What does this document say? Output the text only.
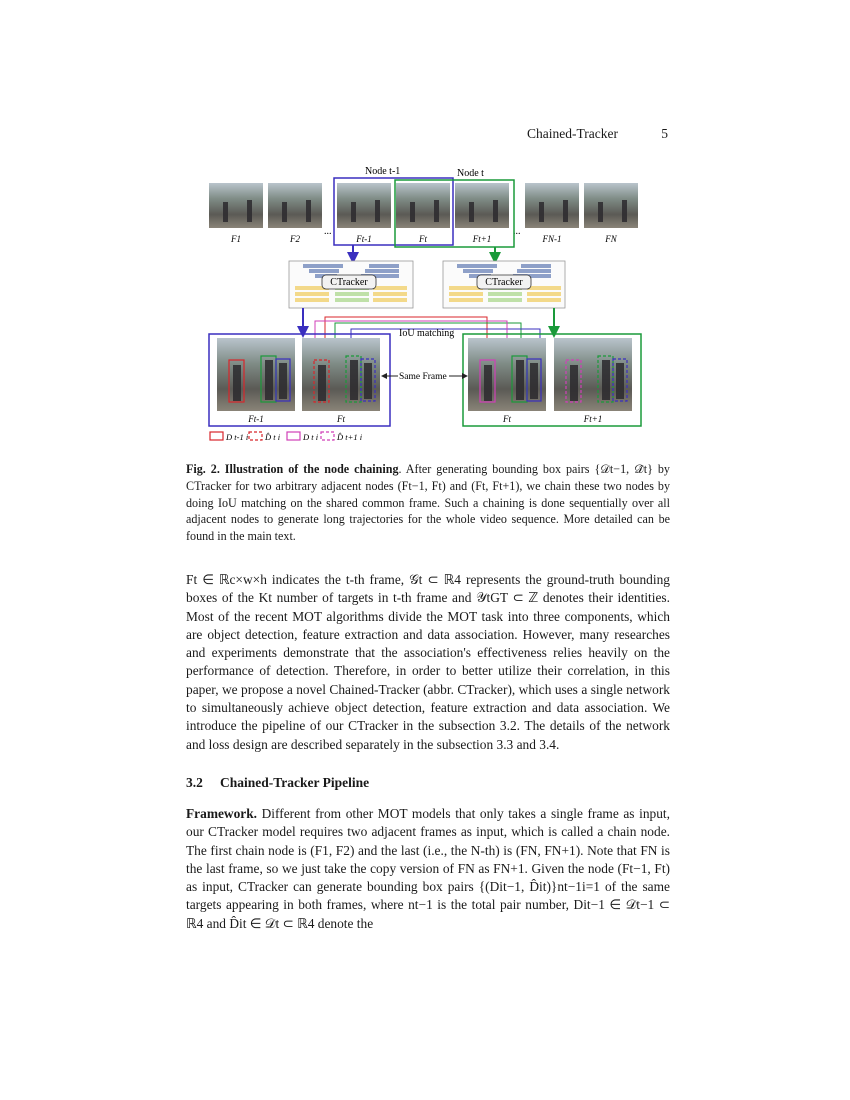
Chained-Tracker	5
Node t-1	Node t
...	...
F1	F2	Ft-1	Ft	Ft+1	FN-1	FN
CTracker	CTracker
IoU matching
Same Frame
Ft-1	Ft	Ft	Ft+1
D t-1 i D̂ t i	D t i D̂ t+1 i
Fig. 2. Illustration of the node chaining. After generating bounding box pairs {𝒟t−1, 𝒟̂t} by CTracker for two arbitrary adjacent nodes (Ft−1, Ft) and (Ft, Ft+1), we chain these two nodes by doing IoU matching on the shared common frame. Such a chaining is done sequentially over all adjacent nodes to generate long trajectories for the whole video sequence. More detailed can be found in the main text.

Ft ∈ ℝc×w×h indicates the t-th frame, 𝒢t ⊂ ℝ4 represents the ground-truth bounding boxes of the Kt number of targets in t-th frame and 𝒴tGT ⊂ ℤ denotes their identities. Most of the recent MOT algorithms divide the MOT task into three components, which are object detection, feature extraction and data association. However, many researches and experiments demonstrate that the association's effectiveness relies heavily on the performance of detection. Therefore, in order to better utilize their correlation, in this paper, we propose a novel Chained-Tracker (abbr. CTracker), which uses a single network to simultaneously achieve object detection, feature extraction and data association. We introduce the pipeline of our CTracker in the subsection 3.2. The details of the network and loss design are described separately in the subsection 3.3 and 3.4.

3.2 Chained-Tracker Pipeline

Framework. Different from other MOT models that only takes a single frame as input, our CTracker model requires two adjacent frames as input, which is called a chain node. The first chain node is (F1, F2) and the last (i.e., the N-th) is (FN, FN+1). Note that FN is the last frame, so we just take the copy version of FN as FN+1. Given the node (Ft−1, Ft) as input, CTracker can generate bounding box pairs {(Dit−1, D̂it)}nt−1i=1 of the same targets appearing in both frames, where nt−1 is the total pair number, Dit−1 ∈ 𝒟t−1 ⊂ ℝ4 and D̂it ∈ 𝒟t ⊂ ℝ4 denote the
